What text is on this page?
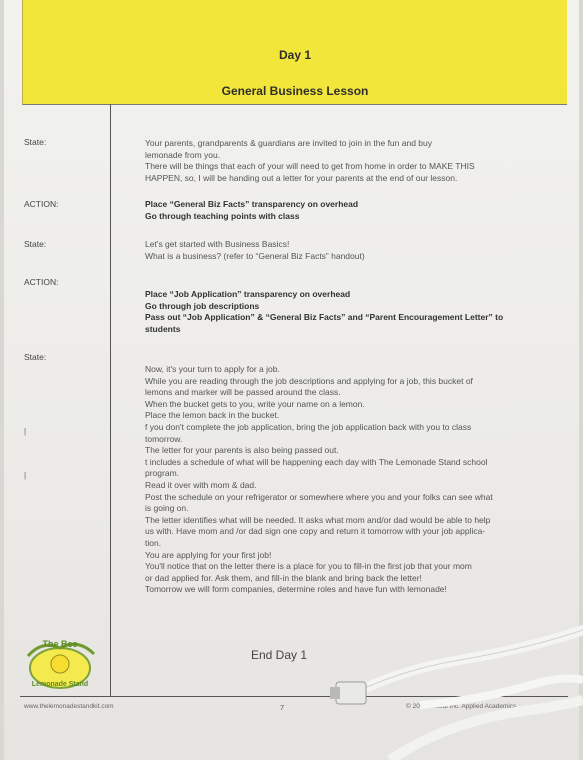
Day 1
General Business Lesson
State:
ACTION:
State:
ACTION:
State:
|
|
Your parents, grandparents & guardians are invited to join in the fun and buy
lemonade from you.
There will be things that each of your will need to get from home in order to MAKE THIS
HAPPEN, so, I will be handing out a letter for your parents at the end of our lesson.
Place “General Biz Facts” transparency on overhead
Go through teaching points with class
Let's get started with Business Basics!
What is a business? (refer to “General Biz Facts” handout)
Place “Job Application” transparency on overhead
Go through job descriptions
Pass out “Job Application” & “General Biz Facts” and “Parent Encouragement Letter” to
students
Now, it's your turn to apply for a job.
While you are reading through the job descriptions and applying for a job, this bucket of
lemons and marker will be passed around the class.
When the bucket gets to you, write your name on a lemon.
Place the lemon back in the bucket.
f you don't complete the job application, bring the job application back with you to class
tomorrow.
The letter for your parents is also being passed out.
t includes a schedule of what will be happening each day with The Lemonade Stand school
program.
Read it over with mom & dad.
Post the schedule on your refrigerator or somewhere where you and your folks can see what
is going on.
The letter identifies what will be needed. It asks what mom and/or dad would be able to help
us with. Have mom and /or dad sign one copy and return it tomorrow with your job applica-
tion.
You are applying for your first job!
You'll notice that on the letter there is a place for you to fill-in the first job that your mom
or dad applied for. Ask them, and fill-in the blank and bring back the letter!
Tomorrow we will form companies, determine roles and have fun with lemonade!
End Day 1
The Bee
Lemonade Stand
www.thelemonadestandkit.com	7	© 2004 Global Inc. Applied Academics
